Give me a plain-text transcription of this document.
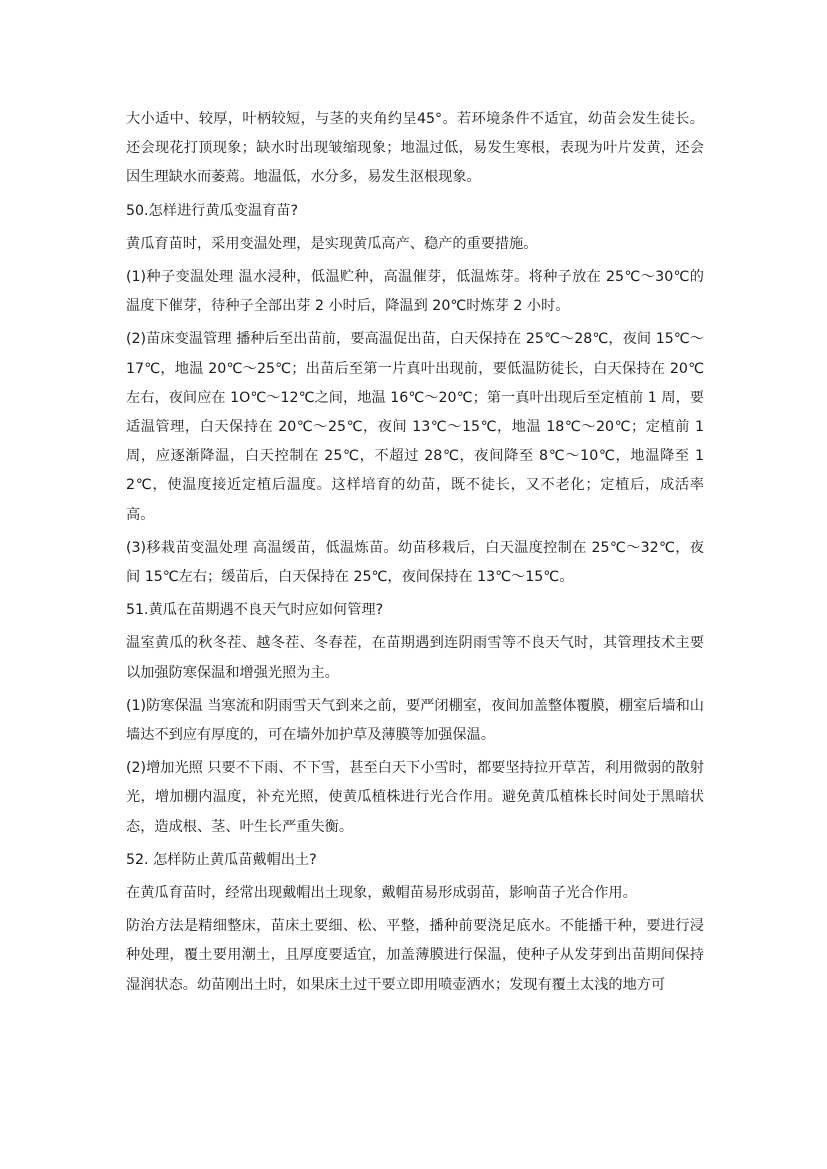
大小适中、较厚，叶柄较短，与茎的夹角约呈45°。若环境条件不适宜，幼苗会发生徒长。还会现花打顶现象；缺水时出现皱缩现象；地温过低，易发生寒根，表现为叶片发黄，还会因生理缺水而萎蔫。地温低，水分多，易发生沤根现象。

50.怎样进行黄瓜变温育苗?

黄瓜育苗时，采用变温处理，是实现黄瓜高产、稳产的重要措施。

(1)种子变温处理 温水浸种，低温贮种，高温催芽，低温炼芽。将种子放在 25℃～30℃的温度下催芽，待种子全部出芽 2 小时后，降温到 20℃时炼芽 2 小时。

(2)苗床变温管理 播种后至出苗前，要高温促出苗，白天保持在 25℃～28℃，夜间 15℃～17℃，地温 20℃～25℃；出苗后至第一片真叶出现前，要低温防徒长，白天保持在 20℃左右，夜间应在 1O℃～12℃之间，地温 16℃～20℃；第一真叶出现后至定植前 1 周，要适温管理，白天保持在 20℃～25℃，夜间 13℃～15℃，地温 18℃～20℃；定植前 1 周，应逐渐降温，白天控制在 25℃，不超过 28℃，夜间降至 8℃～10℃，地温降至 12℃，使温度接近定植后温度。这样培育的幼苗，既不徒长，又不老化；定植后，成活率高。

(3)移栽苗变温处理 高温缓苗，低温炼苗。幼苗移栽后，白天温度控制在 25℃～32℃，夜间 15℃左右；缓苗后，白天保持在 25℃，夜间保持在 13℃～15℃。

51.黄瓜在苗期遇不良天气时应如何管理?

温室黄瓜的秋冬茬、越冬茬、冬春茬，在苗期遇到连阴雨雪等不良天气时，其管理技术主要以加强防寒保温和增强光照为主。

(1)防寒保温 当寒流和阴雨雪天气到来之前，要严闭棚室，夜间加盖整体覆膜，棚室后墙和山墙达不到应有厚度的，可在墙外加护草及薄膜等加强保温。

(2)增加光照 只要不下雨、不下雪，甚至白天下小雪时，都要坚持拉开草苫，利用微弱的散射光，增加棚内温度，补充光照，使黄瓜植株进行光合作用。避免黄瓜植株长时间处于黑暗状态，造成根、茎、叶生长严重失衡。

52. 怎样防止黄瓜苗戴帽出土?

在黄瓜育苗时，经常出现戴帽出土现象，戴帽苗易形成弱苗，影响苗子光合作用。

防治方法是精细整床，苗床土要细、松、平整，播种前要浇足底水。不能播干种，要进行浸种处理，覆土要用潮土，且厚度要适宜，加盖薄膜进行保温，使种子从发芽到出苗期间保持湿润状态。幼苗刚出土时，如果床土过干要立即用喷壶洒水；发现有覆土太浅的地方可
